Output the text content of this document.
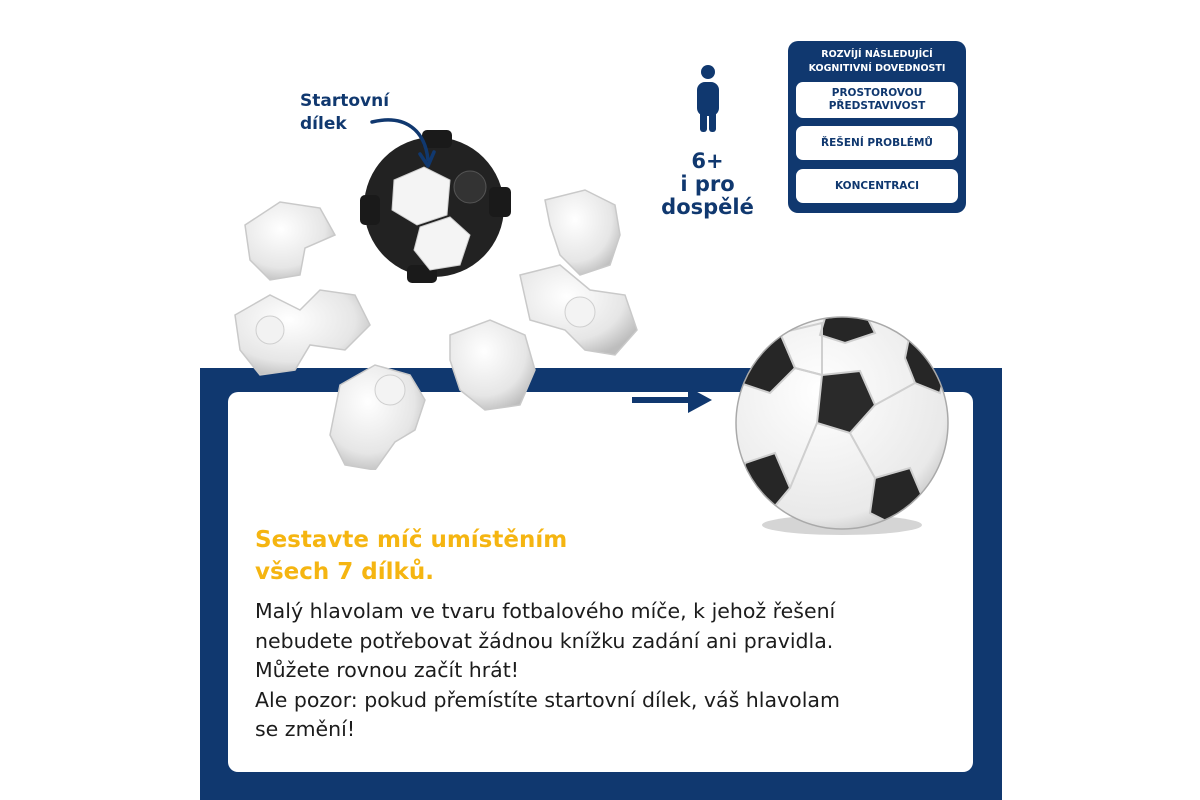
Startovní
dílek
6+
i pro
dospělé
ROZVÍJÍ NÁSLEDUJÍCÍ
KOGNITIVNÍ DOVEDNOSTI
PROSTOROVOU
PŘEDSTAVIVOST
ŘEŠENÍ PROBLÉMŮ
KONCENTRACI
Sestavte míč umístěním
všech 7 dílků.
Malý hlavolam ve tvaru fotbalového míče, k jehož řešení
nebudete potřebovat žádnou knížku zadání ani pravidla.
Můžete rovnou začít hrát!
Ale pozor: pokud přemístíte startovní dílek, váš hlavolam
se změní!
